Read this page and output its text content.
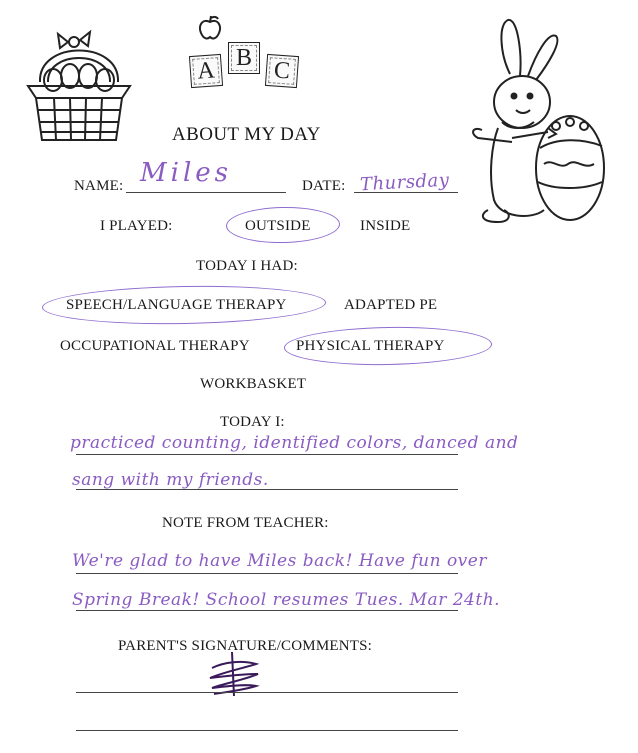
A B C
ABOUT MY DAY
NAME: Miles	DATE: Thursday
I PLAYED:	OUTSIDE	INSIDE
TODAY I HAD:
SPEECH/LANGUAGE THERAPY	ADAPTED PE
OCCUPATIONAL THERAPY	PHYSICAL THERAPY
WORKBASKET
TODAY I:
practiced counting, identified colors, danced and
sang with my friends.
NOTE FROM TEACHER:
We're glad to have Miles back! Have fun over
Spring Break! School resumes Tues. Mar 24th.
PARENT'S SIGNATURE/COMMENTS:
